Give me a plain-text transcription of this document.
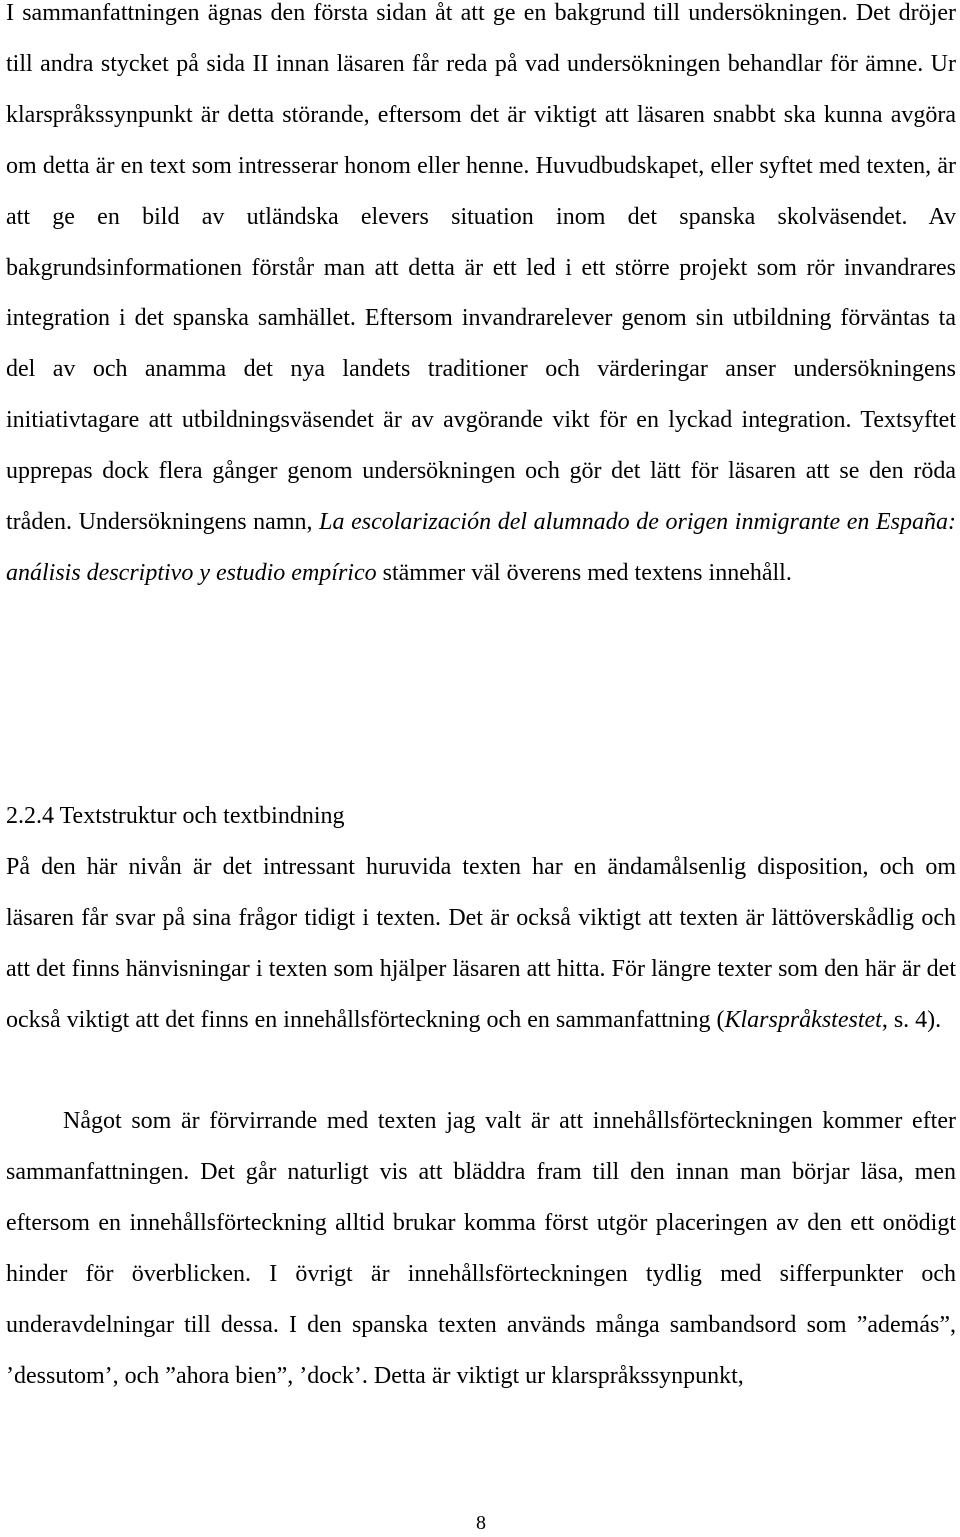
I sammanfattningen ägnas den första sidan åt att ge en bakgrund till undersökningen. Det dröjer till andra stycket på sida II innan läsaren får reda på vad undersökningen behandlar för ämne. Ur klarspråkssynpunkt är detta störande, eftersom det är viktigt att läsaren snabbt ska kunna avgöra om detta är en text som intresserar honom eller henne. Huvudbudskapet, eller syftet med texten, är att ge en bild av utländska elevers situation inom det spanska skolväsendet. Av bakgrundsinformationen förstår man att detta är ett led i ett större projekt som rör invandrares integration i det spanska samhället. Eftersom invandrarelever genom sin utbildning förväntas ta del av och anamma det nya landets traditioner och värderingar anser undersökningens initiativtagare att utbildningsväsendet är av avgörande vikt för en lyckad integration. Textsyftet upprepas dock flera gånger genom undersökningen och gör det lätt för läsaren att se den röda tråden. Undersökningens namn, La escolarización del alumnado de origen inmigrante en España: análisis descriptivo y estudio empírico stämmer väl överens med textens innehåll.

2.2.4 Textstruktur och textbindning

På den här nivån är det intressant huruvida texten har en ändamålsenlig disposition, och om läsaren får svar på sina frågor tidigt i texten. Det är också viktigt att texten är lättöverskådlig och att det finns hänvisningar i texten som hjälper läsaren att hitta. För längre texter som den här är det också viktigt att det finns en innehållsförteckning och en sammanfattning (Klarspråkstestet, s. 4).

Något som är förvirrande med texten jag valt är att innehållsförteckningen kommer efter sammanfattningen. Det går naturligt vis att bläddra fram till den innan man börjar läsa, men eftersom en innehållsförteckning alltid brukar komma först utgör placeringen av den ett onödigt hinder för överblicken. I övrigt är innehållsförteckningen tydlig med sifferpunkter och underavdelningar till dessa. I den spanska texten används många sambandsord som ”además”, ’dessutom’, och ”ahora bien”, ’dock’. Detta är viktigt ur klarspråkssynpunkt,

8
